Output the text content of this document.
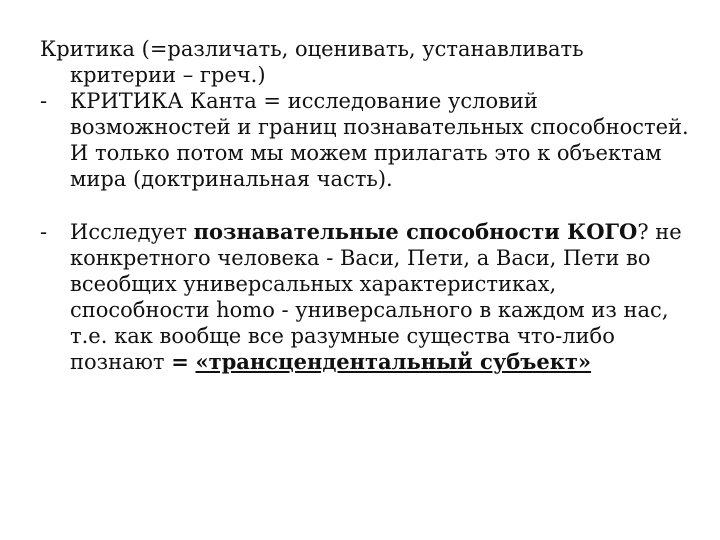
Критика (=различать, оценивать, устанавливать критерии – греч.)

- КРИТИКА Канта = исследование условий возможностей и границ познавательных способностей. И только потом мы можем прилагать это к объектам мира (доктринальная часть).

- Исследует познавательные способности КОГО? не конкретного человека - Васи, Пети, а Васи, Пети во всеобщих универсальных характеристиках, способности homo - универсального в каждом из нас, т.е. как вообще все разумные существа что-либо познают = «трансцендентальный субъект»
